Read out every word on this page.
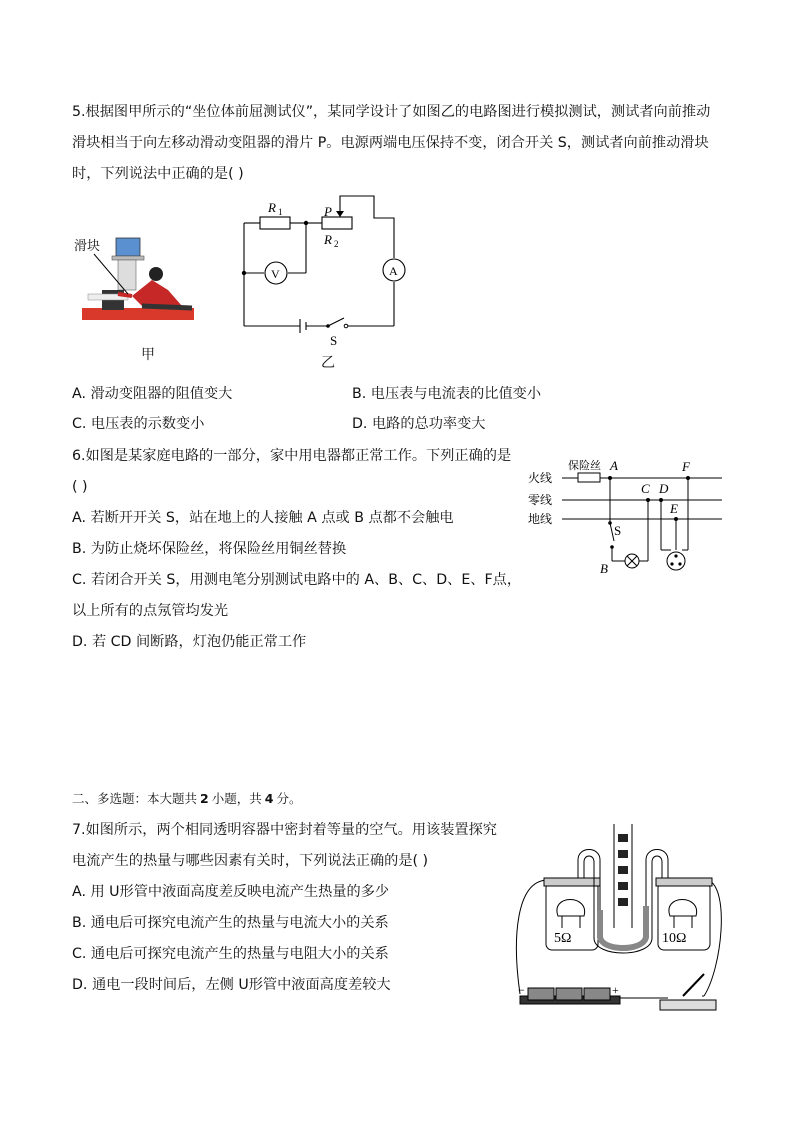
5.根据图甲所示的“坐位体前屈测试仪”，某同学设计了如图乙的电路图进行模拟测试，测试者向前推动
滑块相当于向左移动滑动变阻器的滑片 P。电源两端电压保持不变，闭合开关 S，测试者向前推动滑块
时，下列说法中正确的是( )
滑块
甲
R 1	P
R 2
V	A
S
乙
A. 滑动变阻器的阻值变大	B. 电压表与电流表的比值变小
C. 电压表的示数变小	D. 电路的总功率变大
6.如图是某家庭电路的一部分，家中用电器都正常工作。下列正确的是
( )
A. 若断开开关 S，站在地上的人接触 A 点或 B 点都不会触电
B. 为防止烧坏保险丝，将保险丝用铜丝替换
C. 若闭合开关 S，用测电笔分别测试电路中的 A、B、C、D、E、F点，
以上所有的点氖管均发光
D. 若 CD 间断路，灯泡仍能正常工作
火线
零线
地线
保险丝 A
C D
E
F
B
S
二、多选题：本大题共 2 小题，共 4 分。
7.如图所示，两个相同透明容器中密封着等量的空气。用该装置探究
电流产生的热量与哪些因素有关时，下列说法正确的是( )
A. 用 U形管中液面高度差反映电流产生热量的多少
B. 通电后可探究电流产生的热量与电流大小的关系
C. 通电后可探究电流产生的热量与电阻大小的关系
D. 通电一段时间后，左侧 U形管中液面高度差较大
5Ω	10Ω
−	+
